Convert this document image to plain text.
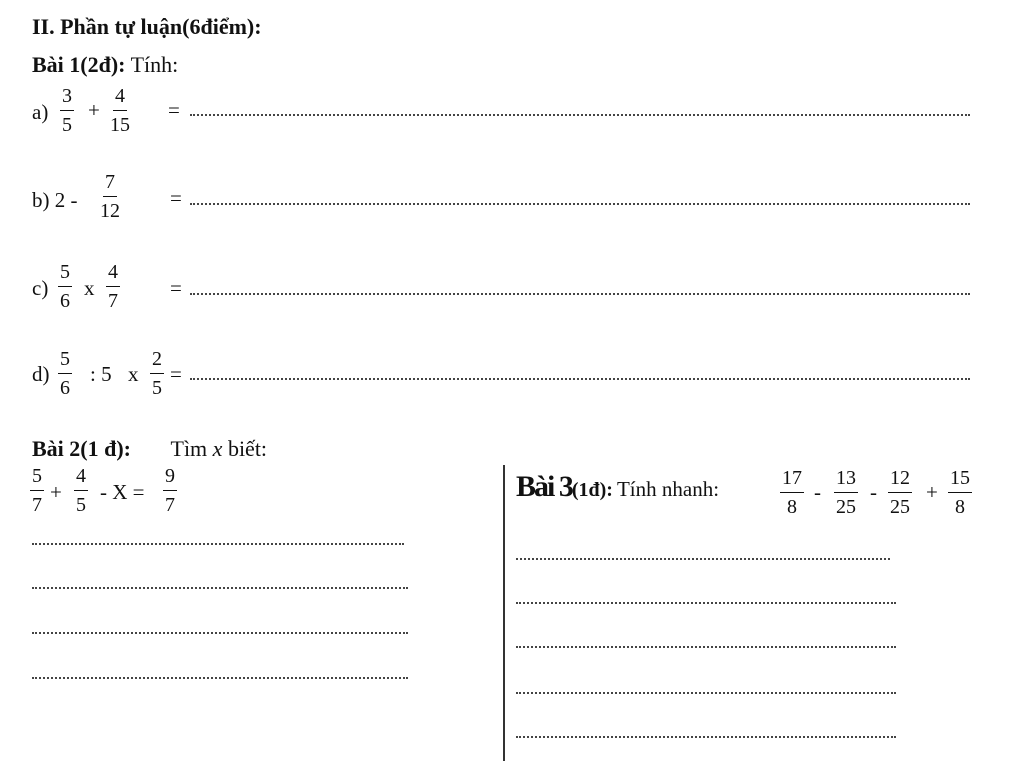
II. Phần tự luận(6điểm):
Bài 1(2đ): Tính:
$a) \frac{3}{5} + \frac{4}{15}$ =
b) $2 - \frac{7}{12}$ =
$c) \frac{5}{6}$ x $\frac{4}{7}$ =
$d) \frac{5}{6}$ : 5 x $\frac{2}{5}$ =
Bài 2(1 đ): Tìm x biết:
$\frac{5}{7} + \frac{4}{5} - X = \frac{9}{7}$	Bài 3(1đ): Tính nhanh:	$\frac{17}{8} - \frac{13}{25} - \frac{12}{25} + \frac{15}{8}$
